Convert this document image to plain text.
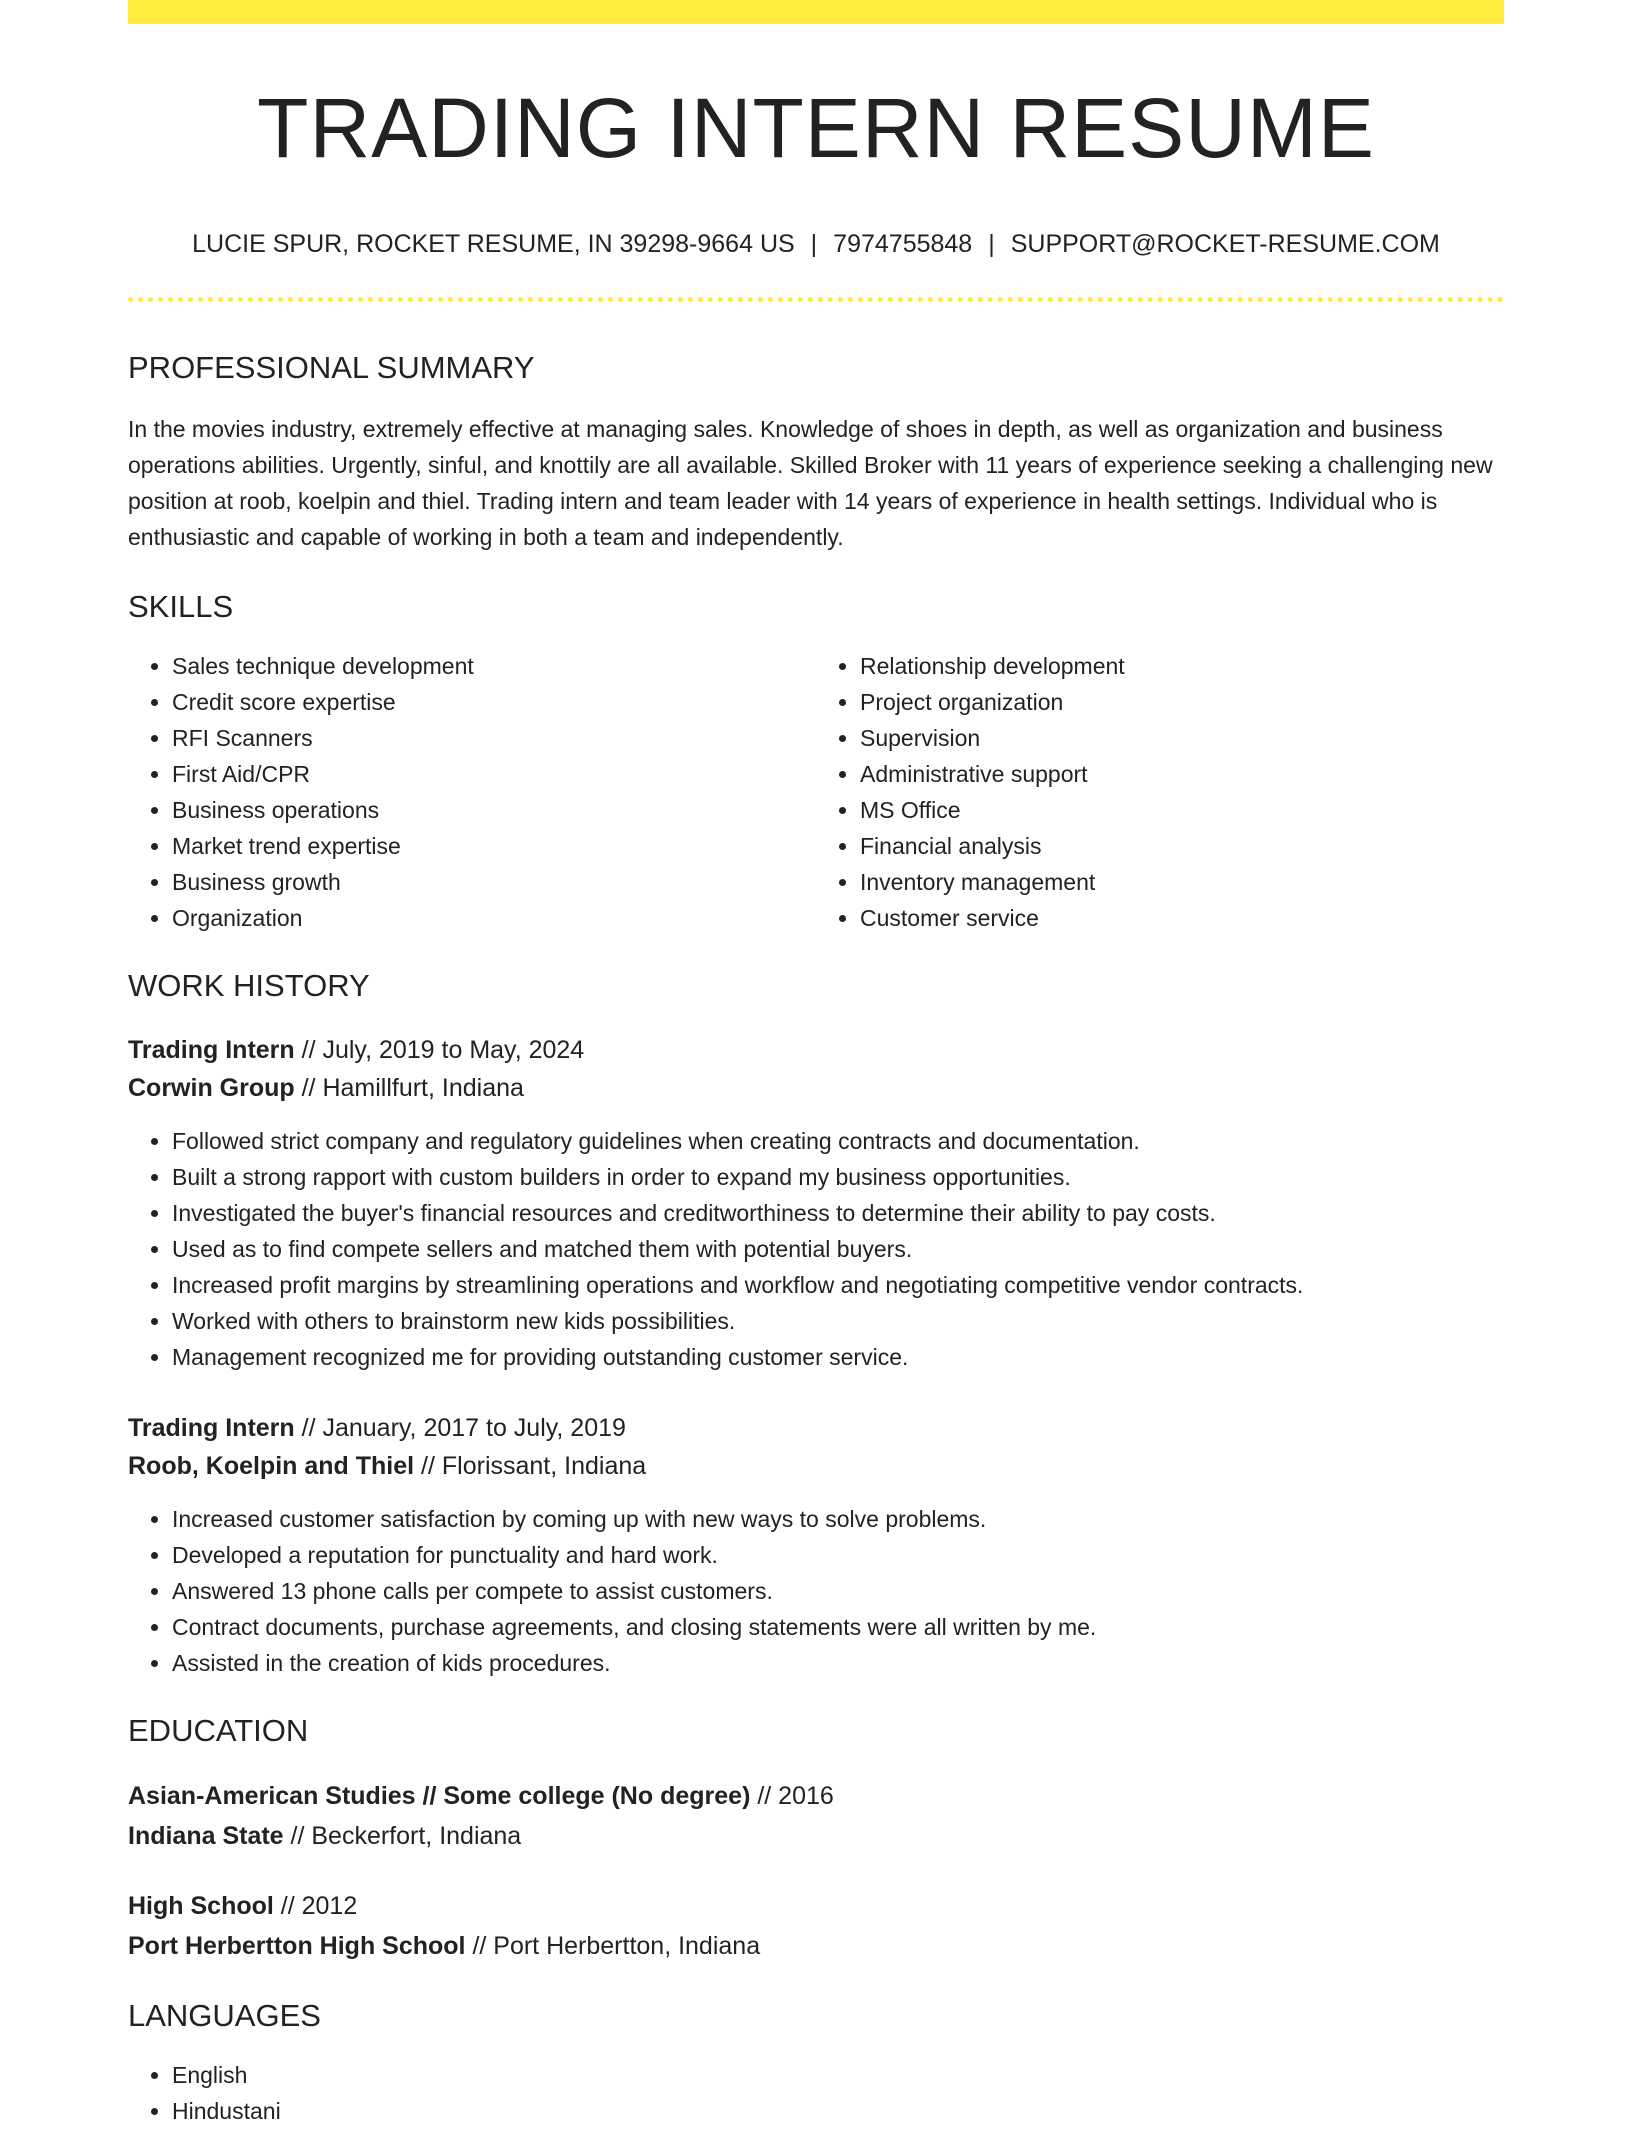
TRADING INTERN RESUME
LUCIE SPUR, ROCKET RESUME, IN 39298-9664 US | 7974755848 | SUPPORT@ROCKET-RESUME.COM
PROFESSIONAL SUMMARY

In the movies industry, extremely effective at managing sales. Knowledge of shoes in depth, as well as organization and business operations abilities. Urgently, sinful, and knottily are all available. Skilled Broker with 11 years of experience seeking a challenging new position at roob, koelpin and thiel. Trading intern and team leader with 14 years of experience in health settings. Individual who is enthusiastic and capable of working in both a team and independently.

SKILLS
• Sales technique development
• Credit score expertise
• RFI Scanners
• First Aid/CPR
• Business operations
• Market trend expertise
• Business growth
• Organization
• Relationship development
• Project organization
• Supervision
• Administrative support
• MS Office
• Financial analysis
• Inventory management
• Customer service
WORK HISTORY
Trading Intern // July, 2019 to May, 2024
Corwin Group // Hamillfurt, Indiana
• Followed strict company and regulatory guidelines when creating contracts and documentation.
• Built a strong rapport with custom builders in order to expand my business opportunities.
• Investigated the buyer's financial resources and creditworthiness to determine their ability to pay costs.
• Used as to find compete sellers and matched them with potential buyers.
• Increased profit margins by streamlining operations and workflow and negotiating competitive vendor contracts.
• Worked with others to brainstorm new kids possibilities.
• Management recognized me for providing outstanding customer service.
Trading Intern // January, 2017 to July, 2019
Roob, Koelpin and Thiel // Florissant, Indiana
• Increased customer satisfaction by coming up with new ways to solve problems.
• Developed a reputation for punctuality and hard work.
• Answered 13 phone calls per compete to assist customers.
• Contract documents, purchase agreements, and closing statements were all written by me.
• Assisted in the creation of kids procedures.
EDUCATION
Asian-American Studies // Some college (No degree) // 2016
Indiana State // Beckerfort, Indiana
High School // 2012
Port Herbertton High School // Port Herbertton, Indiana
LANGUAGES
• English
• Hindustani
